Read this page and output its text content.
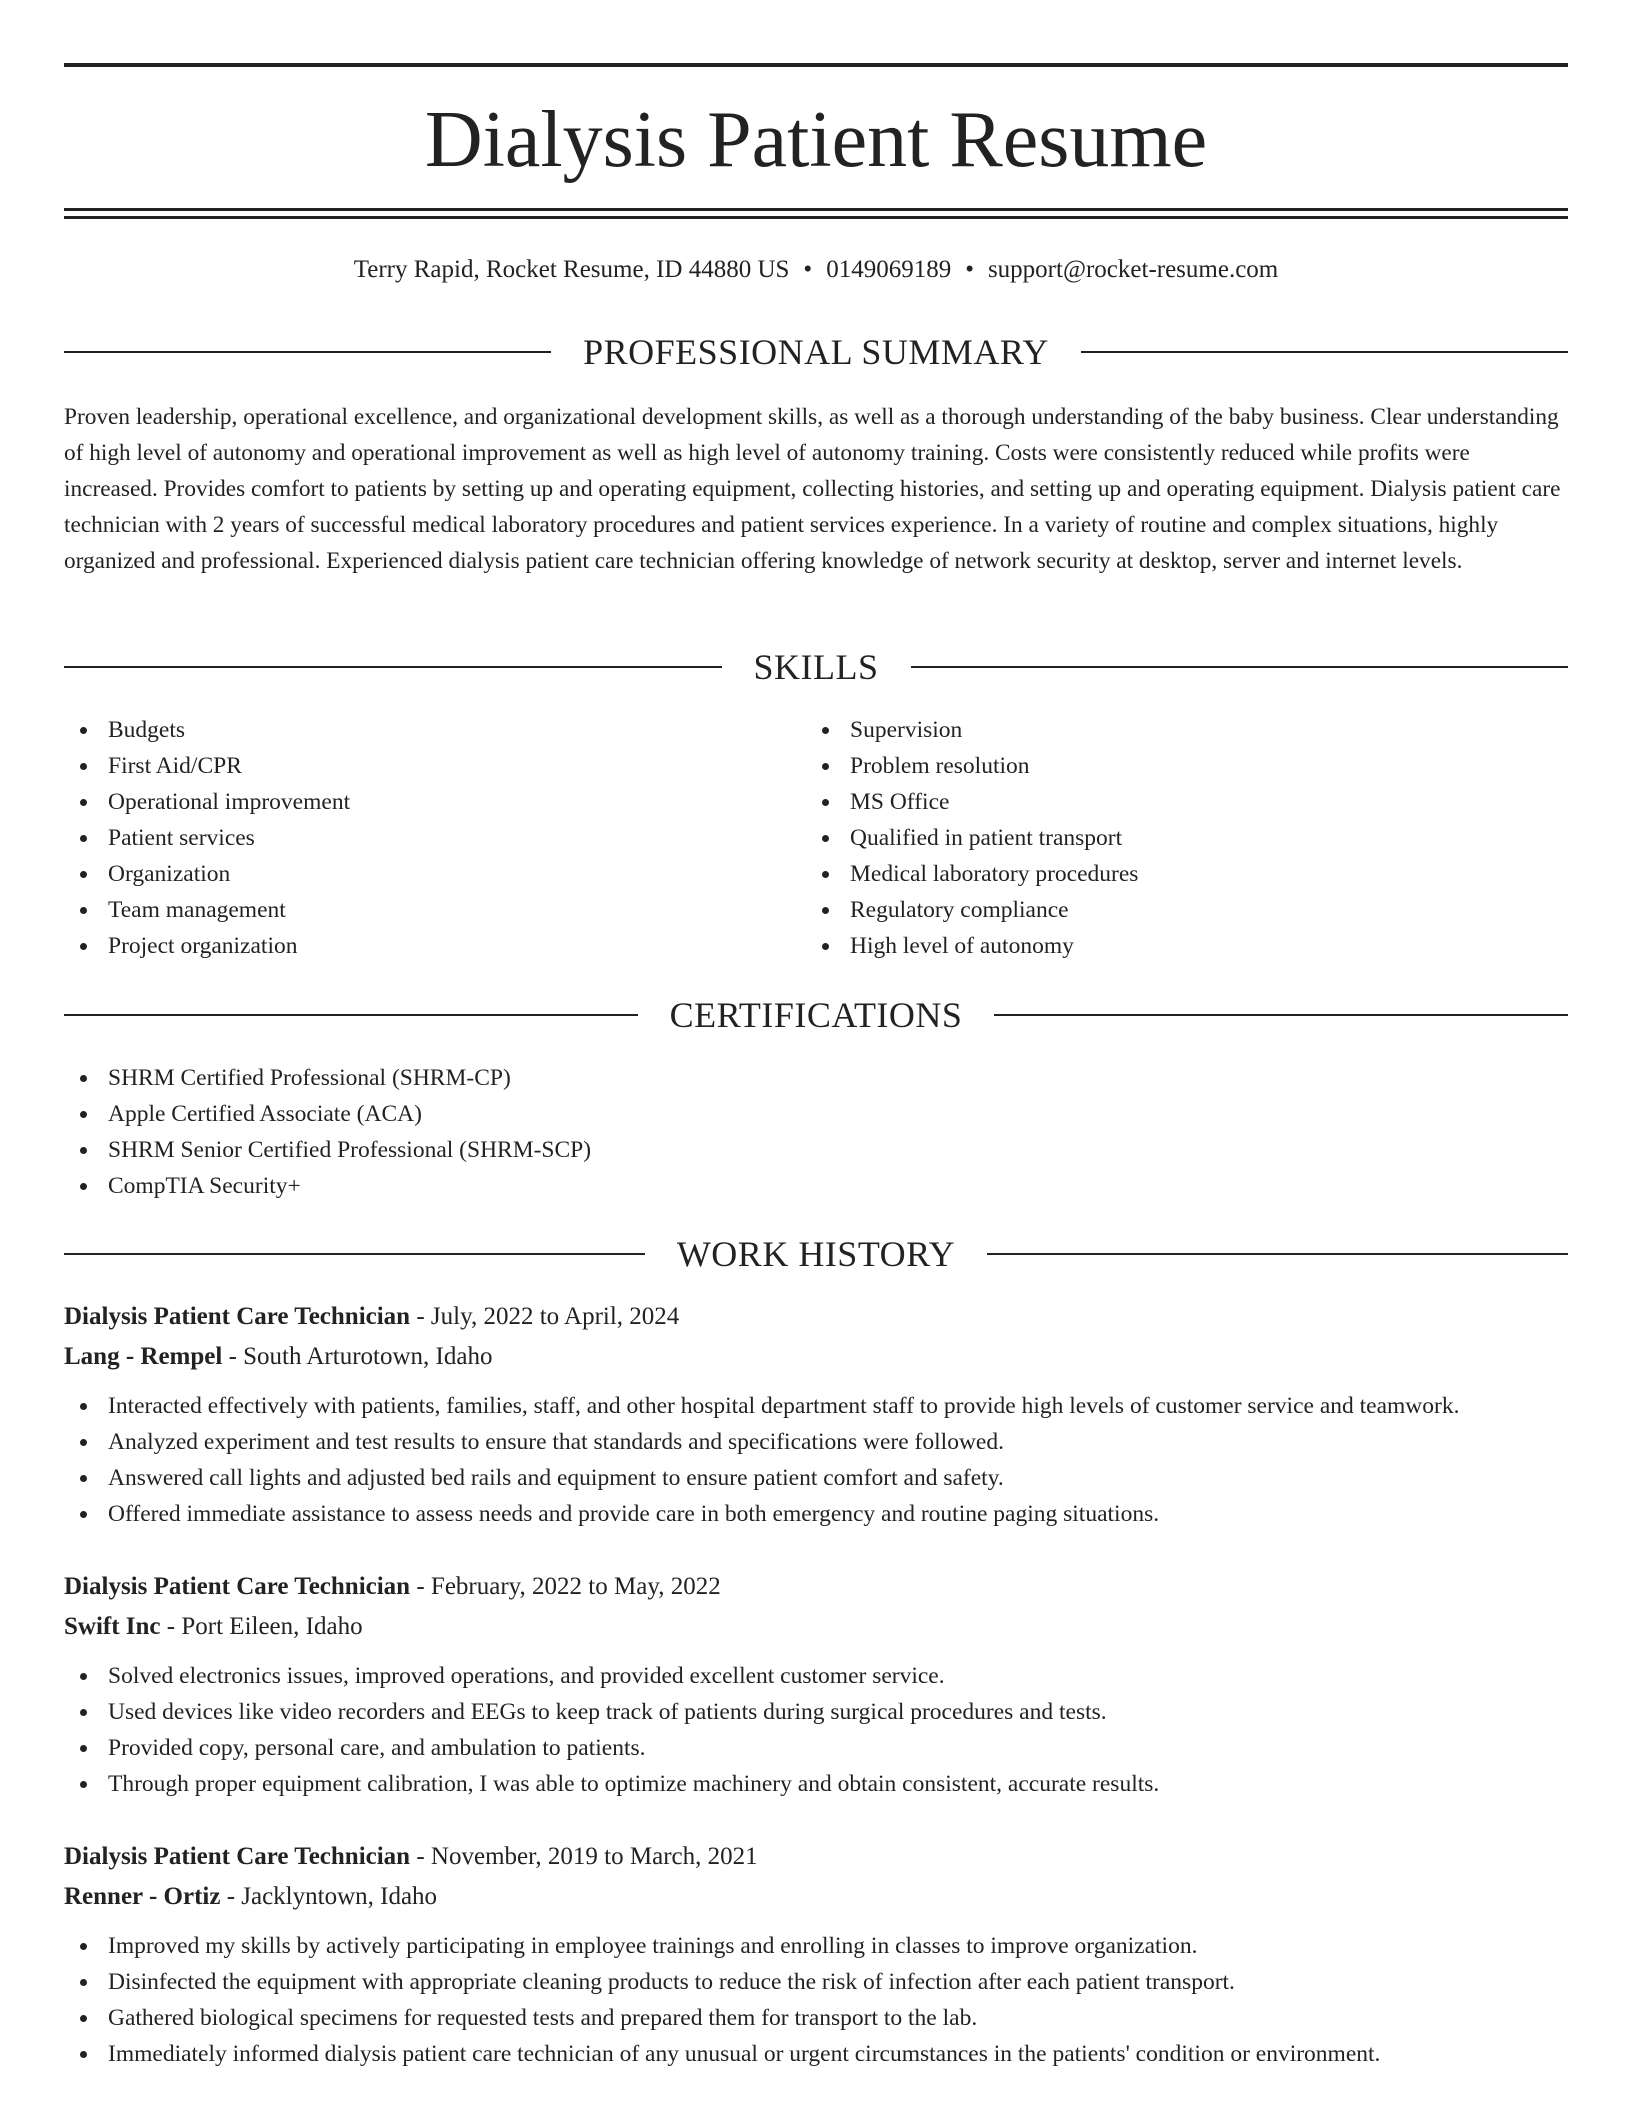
Dialysis Patient Resume
Terry Rapid, Rocket Resume, ID 44880 US • 0149069189 • support@rocket-resume.com
PROFESSIONAL SUMMARY

Proven leadership, operational excellence, and organizational development skills, as well as a thorough understanding of the baby business. Clear understanding of high level of autonomy and operational improvement as well as high level of autonomy training. Costs were consistently reduced while profits were increased. Provides comfort to patients by setting up and operating equipment, collecting histories, and setting up and operating equipment. Dialysis patient care technician with 2 years of successful medical laboratory procedures and patient services experience. In a variety of routine and complex situations, highly organized and professional. Experienced dialysis patient care technician offering knowledge of network security at desktop, server and internet levels.

SKILLS
Budgets
First Aid/CPR
Operational improvement
Patient services
Organization
Team management
Project organization
Supervision
Problem resolution
MS Office
Qualified in patient transport
Medical laboratory procedures
Regulatory compliance
High level of autonomy
CERTIFICATIONS
SHRM Certified Professional (SHRM-CP)
Apple Certified Associate (ACA)
SHRM Senior Certified Professional (SHRM-SCP)
CompTIA Security+
WORK HISTORY
Dialysis Patient Care Technician - July, 2022 to April, 2024
Lang - Rempel - South Arturotown, Idaho
Interacted effectively with patients, families, staff, and other hospital department staff to provide high levels of customer service and teamwork.
Analyzed experiment and test results to ensure that standards and specifications were followed.
Answered call lights and adjusted bed rails and equipment to ensure patient comfort and safety.
Offered immediate assistance to assess needs and provide care in both emergency and routine paging situations.
Dialysis Patient Care Technician - February, 2022 to May, 2022
Swift Inc - Port Eileen, Idaho
Solved electronics issues, improved operations, and provided excellent customer service.
Used devices like video recorders and EEGs to keep track of patients during surgical procedures and tests.
Provided copy, personal care, and ambulation to patients.
Through proper equipment calibration, I was able to optimize machinery and obtain consistent, accurate results.
Dialysis Patient Care Technician - November, 2019 to March, 2021
Renner - Ortiz - Jacklyntown, Idaho
Improved my skills by actively participating in employee trainings and enrolling in classes to improve organization.
Disinfected the equipment with appropriate cleaning products to reduce the risk of infection after each patient transport.
Gathered biological specimens for requested tests and prepared them for transport to the lab.
Immediately informed dialysis patient care technician of any unusual or urgent circumstances in the patients' condition or environment.
